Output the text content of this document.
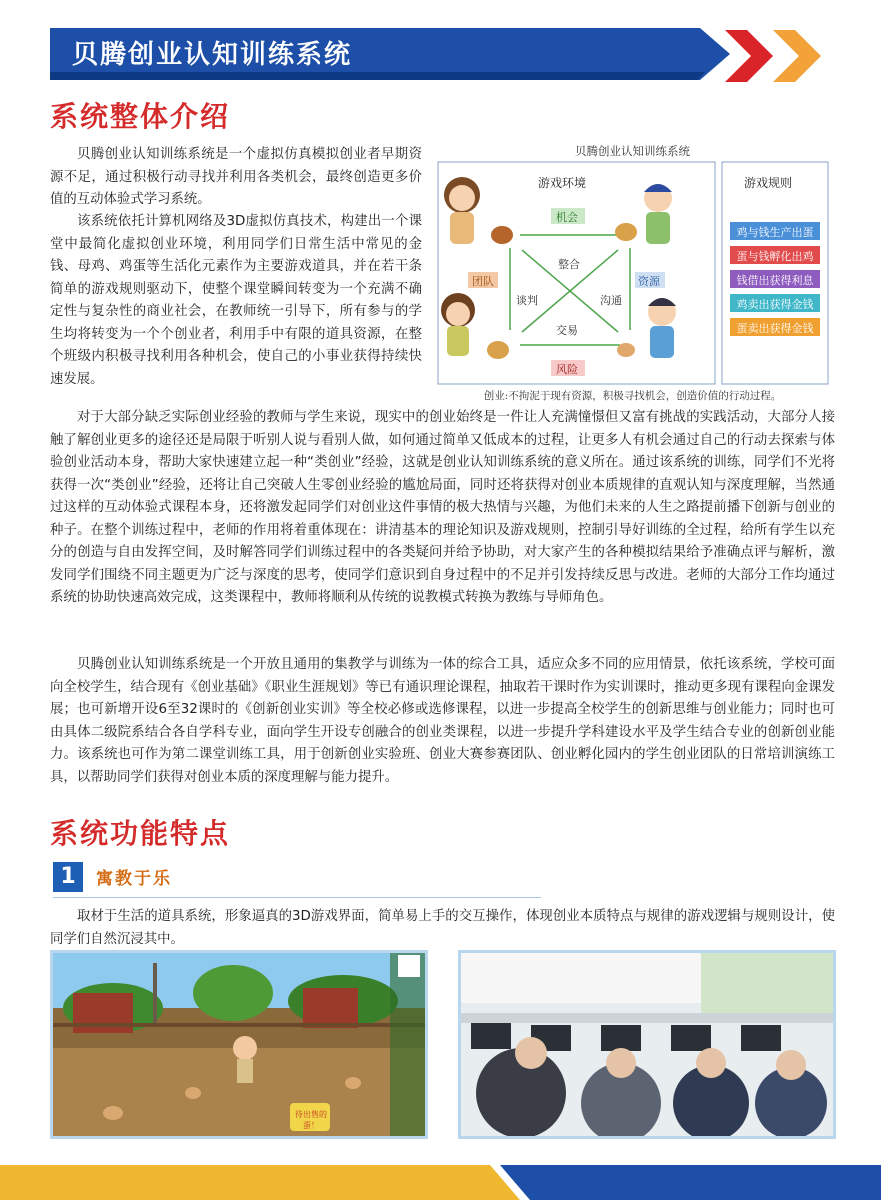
贝腾创业认知训练系统
系统整体介绍

贝腾创业认知训练系统是一个虚拟仿真模拟创业者早期资源不足，通过积极行动寻找并利用各类机会，最终创造更多价值的互动体验式学习系统。

该系统依托计算机网络及3D虚拟仿真技术，构建出一个课堂中最简化虚拟创业环境，利用同学们日常生活中常见的金钱、母鸡、鸡蛋等生活化元素作为主要游戏道具，并在若干条简单的游戏规则驱动下，使整个课堂瞬间转变为一个充满不确定性与复杂性的商业社会，在教师统一引导下，所有参与的学生均将转变为一个个创业者，利用手中有限的道具资源，在整个班级内积极寻找利用各种机会，使自己的小事业获得持续快速发展。

对于大部分缺乏实际创业经验的教师与学生来说，现实中的创业始终是一件让人充满憧憬但又富有挑战的实践活动，大部分人接触了解创业更多的途径还是局限于听别人说与看别人做，如何通过简单又低成本的过程，让更多人有机会通过自己的行动去探索与体验创业活动本身，帮助大家快速建立起一种“类创业”经验，这就是创业认知训练系统的意义所在。通过该系统的训练，同学们不光将获得一次“类创业”经验，还将让自己突破人生零创业经验的尴尬局面，同时还将获得对创业本质规律的直观认知与深度理解，当然通过这样的互动体验式课程本身，还将激发起同学们对创业这件事情的极大热情与兴趣，为他们未来的人生之路提前播下创新与创业的种子。在整个训练过程中，老师的作用将着重体现在：讲清基本的理论知识及游戏规则，控制引导好训练的全过程，给所有学生以充分的创造与自由发挥空间，及时解答同学们训练过程中的各类疑问并给予协助，对大家产生的各种模拟结果给予准确点评与解析，激发同学们围绕不同主题更为广泛与深度的思考，使同学们意识到自身过程中的不足并引发持续反思与改进。老师的大部分工作均通过系统的协助快速高效完成，这类课程中，教师将顺利从传统的说教模式转换为教练与导师角色。

贝腾创业认知训练系统是一个开放且通用的集教学与训练为一体的综合工具，适应众多不同的应用情景，依托该系统，学校可面向全校学生，结合现有《创业基础》《职业生涯规划》等已有通识理论课程，抽取若干课时作为实训课时，推动更多现有课程向金课发展；也可新增开设6至32课时的《创新创业实训》等全校必修或选修课程，以进一步提高全校学生的创新思维与创业能力；同时也可由具体二级院系结合各自学科专业，面向学生开设专创融合的创业类课程，以进一步提升学科建设水平及学生结合专业的创新创业能力。该系统也可作为第二课堂训练工具，用于创新创业实验班、创业大赛参赛团队、创业孵化园内的学生创业团队的日常培训演练工具，以帮助同学们获得对创业本质的深度理解与能力提升。

贝腾创业认知训练系统
游戏环境	游戏规则
机会
团队	资源
风险
整合
谈判	沟通
交易
鸡与钱生产出蛋
蛋与钱孵化出鸡
钱借出获得利息
鸡卖出获得金钱
蛋卖出获得金钱
创业:不拘泥于现有资源，积极寻找机会，创造价值的行动过程。
系统功能特点
1	寓教于乐

取材于生活的道具系统，形象逼真的3D游戏界面，简单易上手的交互操作，体现创业本质特点与规律的游戏逻辑与规则设计，使同学们自然沉浸其中。

待出售的蛋！
